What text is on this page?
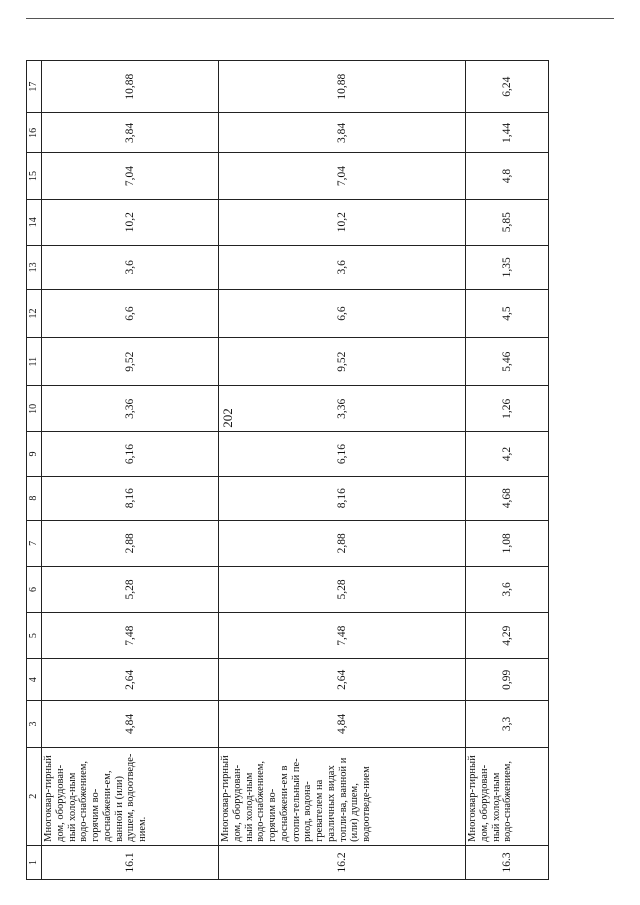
202
1	2	3	4	5	6	7	8	9	10	11	12	13	14	15	16	17
16.1	Многоквар-тирный дом, оборудован-ный холод-ным водо-снабжением, горячим во-доснабжени-ем, ванной и (или) душем, водоотведе-нием.	4,84	2,64	7,48	5,28	2,88	8,16	6,16	3,36	9,52	6,6	3,6	10,2	7,04	3,84	10,88
16.2	Многоквар-тирный дом, оборудован-ный холод-ным водо-снабжением, горячим во-доснабжени-ем в отопи-тельный пе-риод, водона-гревателем на различных видах топли-ва, ванной и (или) душем, водоотведе-нием	4,84	2,64	7,48	5,28	2,88	8,16	6,16	3,36	9,52	6,6	3,6	10,2	7,04	3,84	10,88
16.3	Многоквар-тирный дом, оборудован-ный холод-ным водо-снабжением,	3,3	0,99	4,29	3,6	1,08	4,68	4,2	1,26	5,46	4,5	1,35	5,85	4,8	1,44	6,24
